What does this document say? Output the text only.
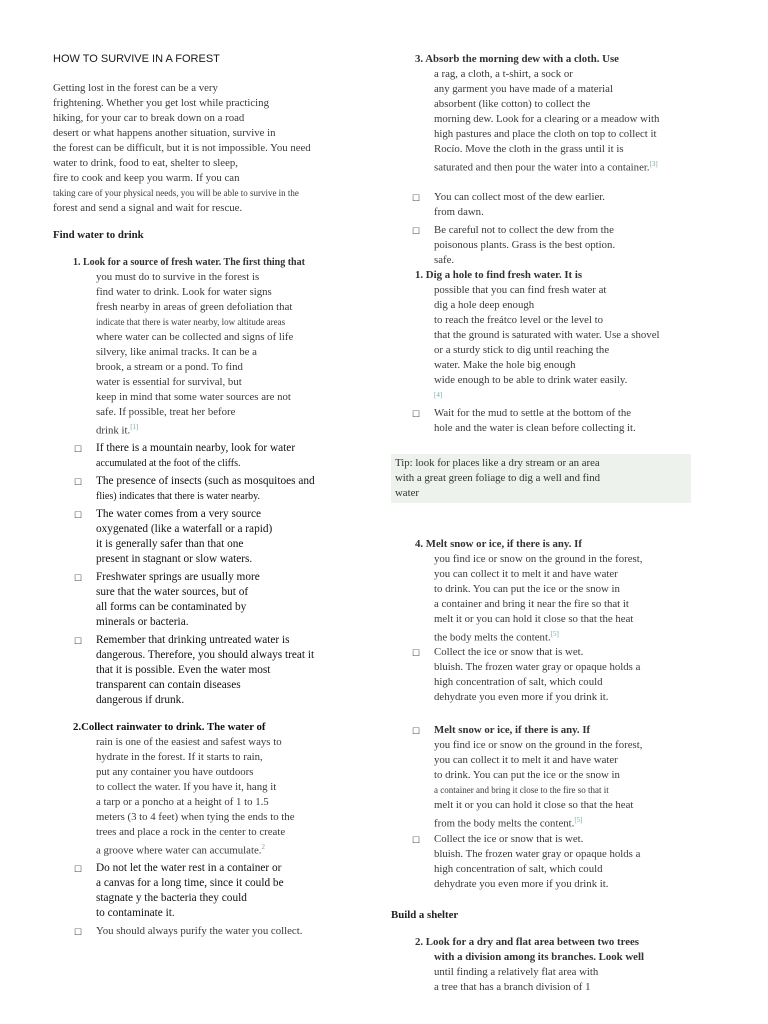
HOW TO SURVIVE IN A FOREST

Getting lost in the forest can be a very

frightening. Whether you get lost while practicing

hiking, for your car to break down on a road

desert or what happens another situation, survive in

the forest can be difficult, but it is not impossible. You need

water to drink, food to eat, shelter to sleep,

fire to cook and keep you warm. If you can

taking care of your physical needs, you will be able to survive in the

forest and send a signal and wait for rescue.

Find water to drink

1. Look for a source of fresh water. The first thing that

you must do to survive in the forest is

find water to drink. Look for water signs

fresh nearby in areas of green defoliation that

indicate that there is water nearby, low altitude areas

where water can be collected and signs of life

silvery, like animal tracks. It can be a

brook, a stream or a pond. To find

water is essential for survival, but

keep in mind that some water sources are not

safe. If possible, treat her before

drink it.[1]

☐ If there is a mountain nearby, look for water

accumulated at the foot of the cliffs.

☐ The presence of insects (such as mosquitoes and

flies) indicates that there is water nearby.

☐ The water comes from a very source

oxygenated (like a waterfall or a rapid)

it is generally safer than that one

present in stagnant or slow waters.

☐ Freshwater springs are usually more

sure that the water sources, but of

all forms can be contaminated by

minerals or bacteria.

☐ Remember that drinking untreated water is

dangerous. Therefore, you should always treat it

that it is possible. Even the water most

transparent can contain diseases

dangerous if drunk.

2.Collect rainwater to drink. The water of

rain is one of the easiest and safest ways to

hydrate in the forest. If it starts to rain,

put any container you have outdoors

to collect the water. If you have it, hang it

a tarp or a poncho at a height of 1 to 1.5

meters (3 to 4 feet) when tying the ends to the

trees and place a rock in the center to create

a groove where water can accumulate.$^2$

☐ Do not let the water rest in a container or

a canvas for a long time, since it could be

stagnate y the bacteria they could

to contaminate it.

☐ You should always purify the water you collect.

3. Absorb the morning dew with a cloth. Use

a rag, a cloth, a t-shirt, a sock or

any garment you have made of a material

absorbent (like cotton) to collect the

morning dew. Look for a clearing or a meadow with

high pastures and place the cloth on top to collect it

Rocío. Move the cloth in the grass until it is

saturated and then pour the water into a container.[3]

☐ You can collect most of the dew earlier.

from dawn.

☐ Be careful not to collect the dew from the

poisonous plants. Grass is the best option.

safe.

1. Dig a hole to find fresh water. It is

possible that you can find fresh water at

dig a hole deep enough

to reach the freátco level or the level to

that the ground is saturated with water. Use a shovel

or a sturdy stick to dig until reaching the

water. Make the hole big enough

wide enough to be able to drink water easily.

[4]

☐ Wait for the mud to settle at the bottom of the

hole and the water is clean before collecting it.

Tip: look for places like a dry stream or an area

with a great green foliage to dig a well and find

water

4. Melt snow or ice, if there is any. If

you find ice or snow on the ground in the forest,

you can collect it to melt it and have water

to drink. You can put the ice or the snow in

a container and bring it near the fire so that it

melt it or you can hold it close so that the heat

the body melts the content.[5]

☐ Collect the ice or snow that is wet.

bluish. The frozen water gray or opaque holds a

high concentration of salt, which could

dehydrate you even more if you drink it.

☐ Melt snow or ice, if there is any. If

you find ice or snow on the ground in the forest,

you can collect it to melt it and have water

to drink. You can put the ice or the snow in

a container and bring it close to the fire so that it

melt it or you can hold it close so that the heat

from the body melts the content.[5]

☐ Collect the ice or snow that is wet.

bluish. The frozen water gray or opaque holds a

high concentration of salt, which could

dehydrate you even more if you drink it.

Build a shelter

2. Look for a dry and flat area between two trees

with a division among its branches. Look well

until finding a relatively flat area with

a tree that has a branch division of 1
